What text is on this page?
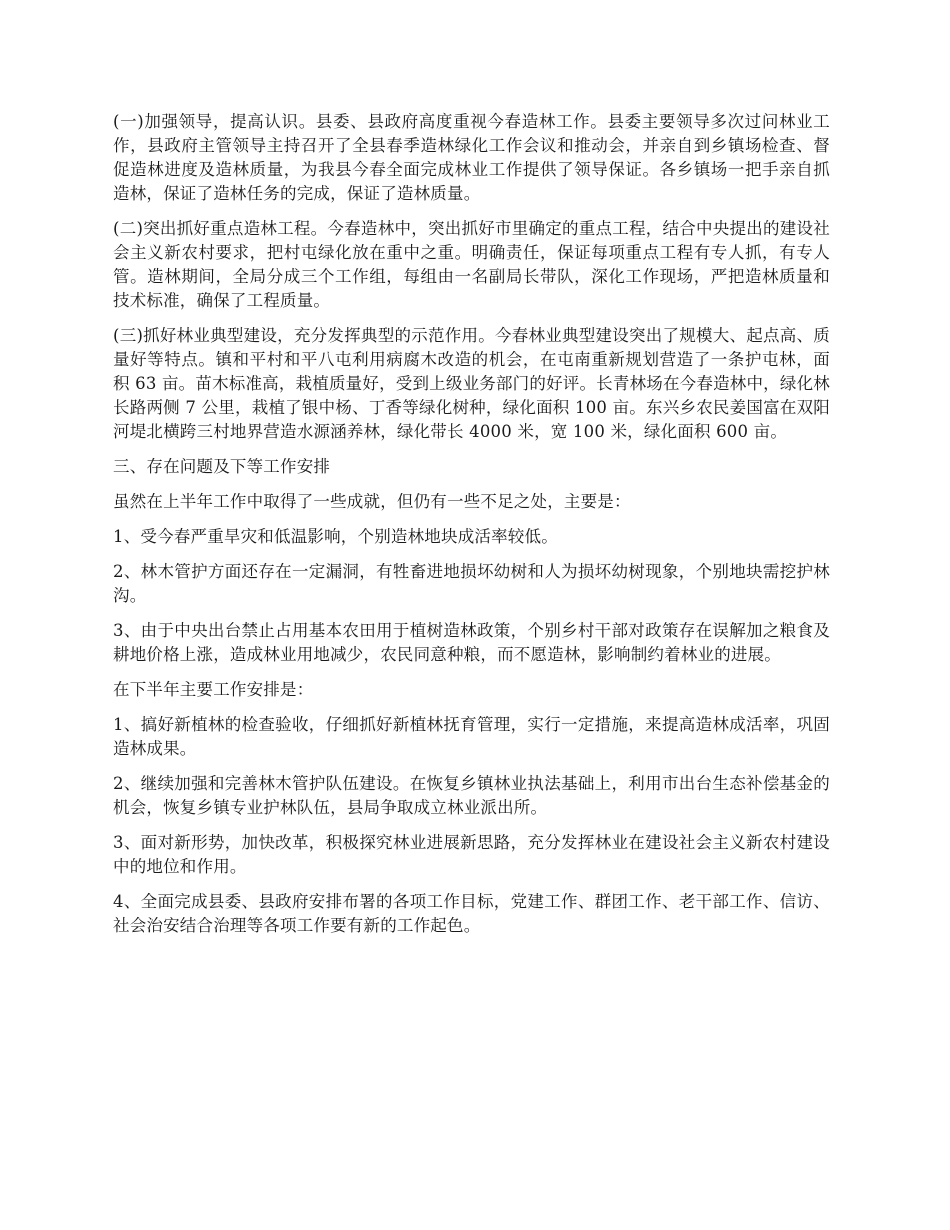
(一)加强领导，提高认识。县委、县政府高度重视今春造林工作。县委主要领导多次过问林业工作，县政府主管领导主持召开了全县春季造林绿化工作会议和推动会，并亲自到乡镇场检查、督促造林进度及造林质量，为我县今春全面完成林业工作提供了领导保证。各乡镇场一把手亲自抓造林，保证了造林任务的完成，保证了造林质量。

(二)突出抓好重点造林工程。今春造林中，突出抓好市里确定的重点工程，结合中央提出的建设社会主义新农村要求，把村屯绿化放在重中之重。明确责任，保证每项重点工程有专人抓，有专人管。造林期间，全局分成三个工作组，每组由一名副局长带队，深化工作现场，严把造林质量和技术标准，确保了工程质量。

(三)抓好林业典型建设，充分发挥典型的示范作用。今春林业典型建设突出了规模大、起点高、质量好等特点。镇和平村和平八屯利用病腐木改造的机会，在屯南重新规划营造了一条护屯林，面积 63 亩。苗木标准高，栽植质量好，受到上级业务部门的好评。长青林场在今春造林中，绿化林长路两侧 7 公里，栽植了银中杨、丁香等绿化树种，绿化面积 100 亩。东兴乡农民姜国富在双阳河堤北横跨三村地界营造水源涵养林，绿化带长 4000 米，宽 100 米，绿化面积 600 亩。

三、存在问题及下等工作安排

虽然在上半年工作中取得了一些成就，但仍有一些不足之处，主要是：

1、受今春严重旱灾和低温影响，个别造林地块成活率较低。

2、林木管护方面还存在一定漏洞，有牲畜进地损坏幼树和人为损坏幼树现象，个别地块需挖护林沟。

3、由于中央出台禁止占用基本农田用于植树造林政策，个别乡村干部对政策存在误解加之粮食及耕地价格上涨，造成林业用地减少，农民同意种粮，而不愿造林，影响制约着林业的进展。

在下半年主要工作安排是：

1、搞好新植林的检查验收，仔细抓好新植林抚育管理，实行一定措施，来提高造林成活率，巩固造林成果。

2、继续加强和完善林木管护队伍建设。在恢复乡镇林业执法基础上，利用市出台生态补偿基金的机会，恢复乡镇专业护林队伍，县局争取成立林业派出所。

3、面对新形势，加快改革，积极探究林业进展新思路，充分发挥林业在建设社会主义新农村建设中的地位和作用。

4、全面完成县委、县政府安排布署的各项工作目标，党建工作、群团工作、老干部工作、信访、社会治安结合治理等各项工作要有新的工作起色。
